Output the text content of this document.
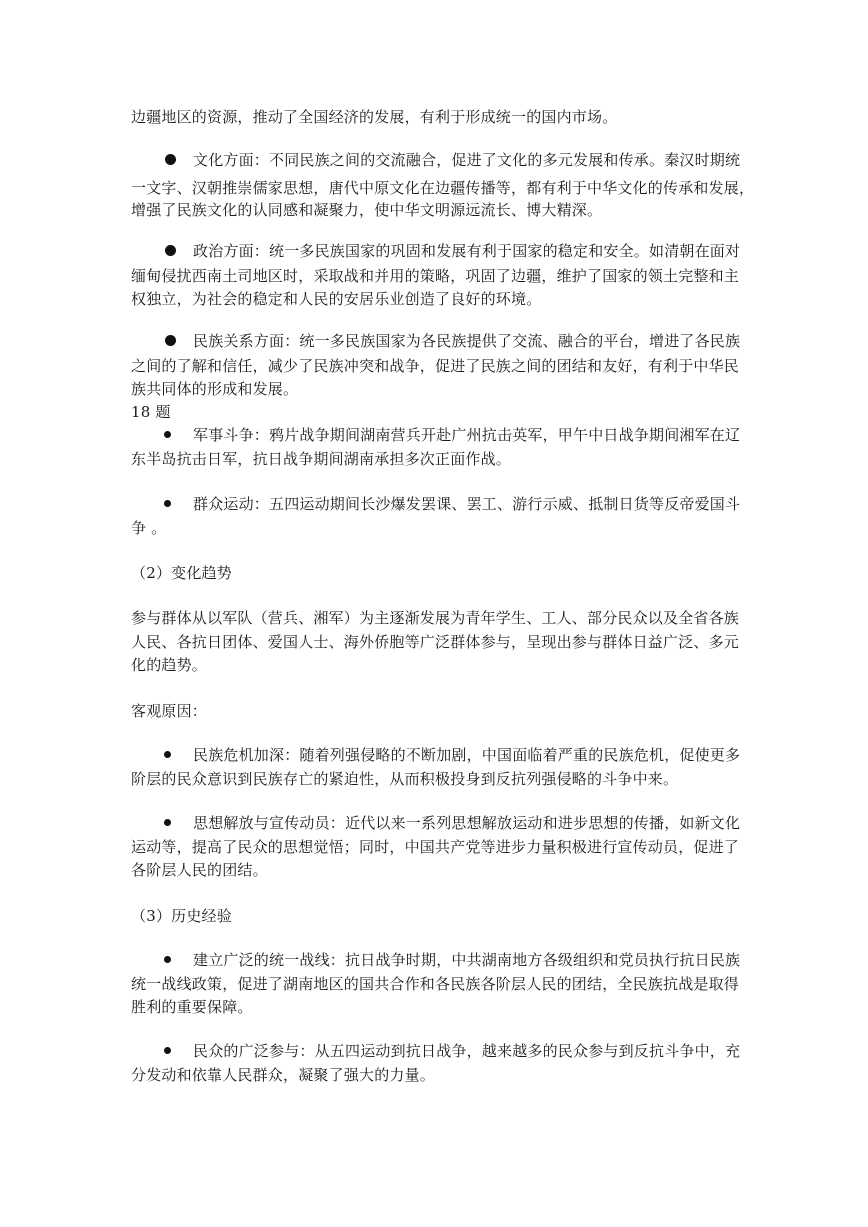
边疆地区的资源，推动了全国经济的发展，有利于形成统一的国内市场。
文化方面：不同民族之间的交流融合，促进了文化的多元发展和传承。秦汉时期统
一文字、汉朝推崇儒家思想，唐代中原文化在边疆传播等，都有利于中华文化的传承和发展，
增强了民族文化的认同感和凝聚力，使中华文明源远流长、博大精深。
政治方面：统一多民族国家的巩固和发展有利于国家的稳定和安全。如清朝在面对
缅甸侵扰西南土司地区时，采取战和并用的策略，巩固了边疆，维护了国家的领土完整和主
权独立，为社会的稳定和人民的安居乐业创造了良好的环境。
民族关系方面：统一多民族国家为各民族提供了交流、融合的平台，增进了各民族
之间的了解和信任，减少了民族冲突和战争，促进了民族之间的团结和友好，有利于中华民
族共同体的形成和发展。
18 题
军事斗争：鸦片战争期间湖南营兵开赴广州抗击英军，甲午中日战争期间湘军在辽
东半岛抗击日军，抗日战争期间湖南承担多次正面作战。
群众运动：五四运动期间长沙爆发罢课、罢工、游行示威、抵制日货等反帝爱国斗
争 。
（2）变化趋势
参与群体从以军队（营兵、湘军）为主逐渐发展为青年学生、工人、部分民众以及全省各族
人民、各抗日团体、爱国人士、海外侨胞等广泛群体参与，呈现出参与群体日益广泛、多元
化的趋势。
客观原因：
民族危机加深：随着列强侵略的不断加剧，中国面临着严重的民族危机，促使更多
阶层的民众意识到民族存亡的紧迫性，从而积极投身到反抗列强侵略的斗争中来。
思想解放与宣传动员：近代以来一系列思想解放运动和进步思想的传播，如新文化
运动等，提高了民众的思想觉悟；同时，中国共产党等进步力量积极进行宣传动员，促进了
各阶层人民的团结。
（3）历史经验
建立广泛的统一战线：抗日战争时期，中共湖南地方各级组织和党员执行抗日民族
统一战线政策，促进了湖南地区的国共合作和各民族各阶层人民的团结，全民族抗战是取得
胜利的重要保障。
民众的广泛参与：从五四运动到抗日战争，越来越多的民众参与到反抗斗争中，充
分发动和依靠人民群众，凝聚了强大的力量。
